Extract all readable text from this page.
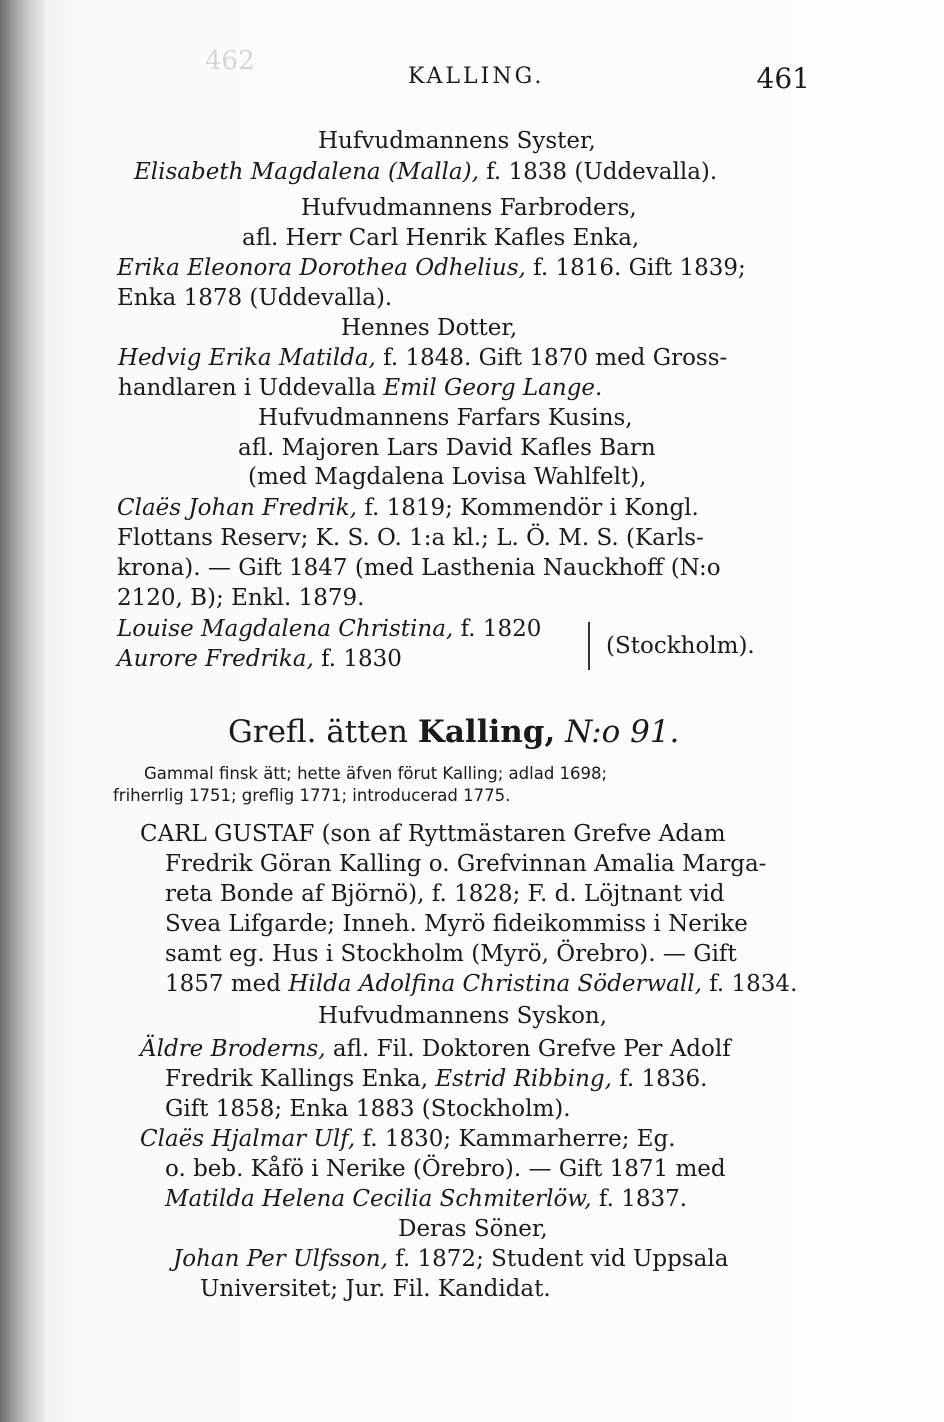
462
KALLING.	461
Hufvudmannens Syster,
Elisabeth Magdalena (Malla), f. 1838 (Uddevalla).
Hufvudmannens Farbroders,
afl. Herr Carl Henrik Kafles Enka,
Erika Eleonora Dorothea Odhelius, f. 1816. Gift 1839;
Enka 1878 (Uddevalla).
Hennes Dotter,
Hedvig Erika Matilda, f. 1848. Gift 1870 med Gross-
handlaren i Uddevalla Emil Georg Lange.
Hufvudmannens Farfars Kusins,
afl. Majoren Lars David Kafles Barn
(med Magdalena Lovisa Wahlfelt),
Claës Johan Fredrik, f. 1819; Kommendör i Kongl.
Flottans Reserv; K. S. O. 1:a kl.; L. Ö. M. S. (Karls-
krona). — Gift 1847 (med Lasthenia Nauckhoff (N:o
2120, B); Enkl. 1879.
Louise Magdalena Christina, f. 1820
Aurore Fredrika, f. 1830	(Stockholm).
Grefl. ätten Kalling, N:o 91.
Gammal finsk ätt; hette äfven förut Kalling; adlad 1698;
friherrlig 1751; greflig 1771; introducerad 1775.
CARL GUSTAF (son af Ryttmästaren Grefve Adam
Fredrik Göran Kalling o. Grefvinnan Amalia Marga-
reta Bonde af Björnö), f. 1828; F. d. Löjtnant vid
Svea Lifgarde; Inneh. Myrö fideikommiss i Nerike
samt eg. Hus i Stockholm (Myrö, Örebro). — Gift
1857 med Hilda Adolfina Christina Söderwall, f. 1834.
Hufvudmannens Syskon,
Äldre Broderns, afl. Fil. Doktoren Grefve Per Adolf
Fredrik Kallings Enka, Estrid Ribbing, f. 1836.
Gift 1858; Enka 1883 (Stockholm).
Claës Hjalmar Ulf, f. 1830; Kammarherre; Eg.
o. beb. Kåfö i Nerike (Örebro). — Gift 1871 med
Matilda Helena Cecilia Schmiterlöw, f. 1837.
Deras Söner,
Johan Per Ulfsson, f. 1872; Student vid Uppsala
Universitet; Jur. Fil. Kandidat.
